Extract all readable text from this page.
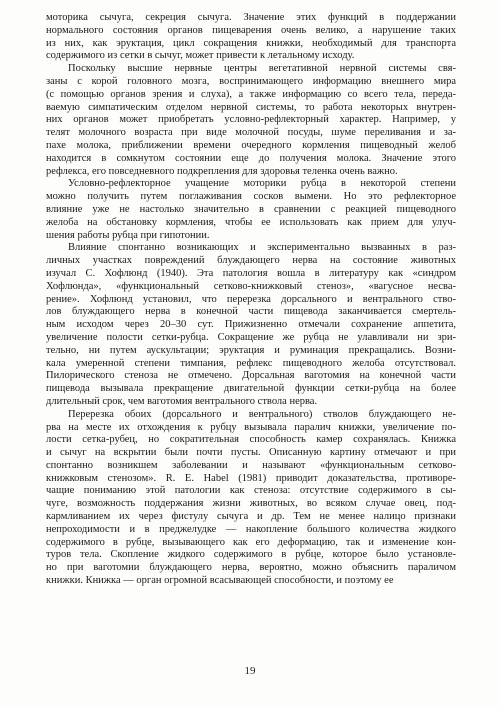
моторика сычуга, секреция сычуга. Значение этих функций в поддержании
нормального состояния органов пищеварения очень велико, а нарушение таких
из них, как эруктация, цикл сокращения книжки, необходимый для транспорта
содержимого из сетки в сычуг, может привести к летальному исходу.
Поскольку высшие нервные центры вегетативной нервной системы свя-
заны с корой головного мозга, воспринимающего информацию внешнего мира
(с помощью органов зрения и слуха), а также информацию со всего тела, переда-
ваемую симпатическим отделом нервной системы, то работа некоторых внутрен-
них органов может приобретать условно-рефлекторный характер. Например, у
телят молочного возраста при виде молочной посуды, шуме переливания и за-
пахе молока, приближении времени очередного кормления пищеводный желоб
находится в сомкнутом состоянии еще до получения молока. Значение этого
рефлекса, его повседневного подкрепления для здоровья теленка очень важно.
Условно-рефлекторное учащение моторики рубца в некоторой степени
можно получить путем поглаживания сосков вымени. Но это рефлекторное
влияние уже не настолько значительно в сравнении с реакцией пищеводного
желоба на обстановку кормления, чтобы ее использовать как прием для улуч-
шения работы рубца при гипотонии.
Влияние спонтанно возникающих и экспериментально вызванных в раз-
личных участках повреждений блуждающего нерва на состояние животных
изучал С. Хофлюнд (1940). Эта патология вошла в литературу как «синдром
Хофлюнда», «функциональный сетково-книжковый стеноз», «вагусное несва-
рение». Хофлюнд установил, что перерезка дорсального и вентрального ство-
лов блуждающего нерва в конечной части пищевода заканчивается смертель-
ным исходом через 20–30 сут. Прижизненно отмечали сохранение аппетита,
увеличение полости сетки-рубца. Сокращение же рубца не улавливали ни зри-
тельно, ни путем аускультации; эруктация и руминация прекращались. Возни-
кала умеренной степени тимпания, рефлекс пищеводного желоба отсутствовал.
Пилорического стеноза не отмечено. Дорсальная ваготомия на конечной части
пищевода вызывала прекращение двигательной функции сетки-рубца на более
длительный срок, чем ваготомия вентрального ствола нерва.
Перерезка обоих (дорсального и вентрального) стволов блуждающего не-
рва на месте их отхождения к рубцу вызывала паралич книжки, увеличение по-
лости сетка-рубец, но сократительная способность камер сохранялась. Книжка
и сычуг на вскрытии были почти пусты. Описанную картину отмечают и при
спонтанно возникшем заболевании и называют «функциональным сетково-
книжковым стенозом». R. E. Habel (1981) приводит доказательства, противоре-
чащие пониманию этой патологии как стеноза: отсутствие содержимого в сы-
чуге, возможность поддержания жизни животных, во всяком случае овец, под-
кармливанием их через фистулу сычуга и др. Тем не менее налицо признаки
непроходимости и в преджелудке — накопление большого количества жидкого
содержимого в рубце, вызывающего как его деформацию, так и изменение кон-
туров тела. Скопление жидкого содержимого в рубце, которое было установле-
но при ваготомии блуждающего нерва, вероятно, можно объяснить параличом
книжки. Книжка — орган огромной всасывающей способности, и поэтому ее
19
